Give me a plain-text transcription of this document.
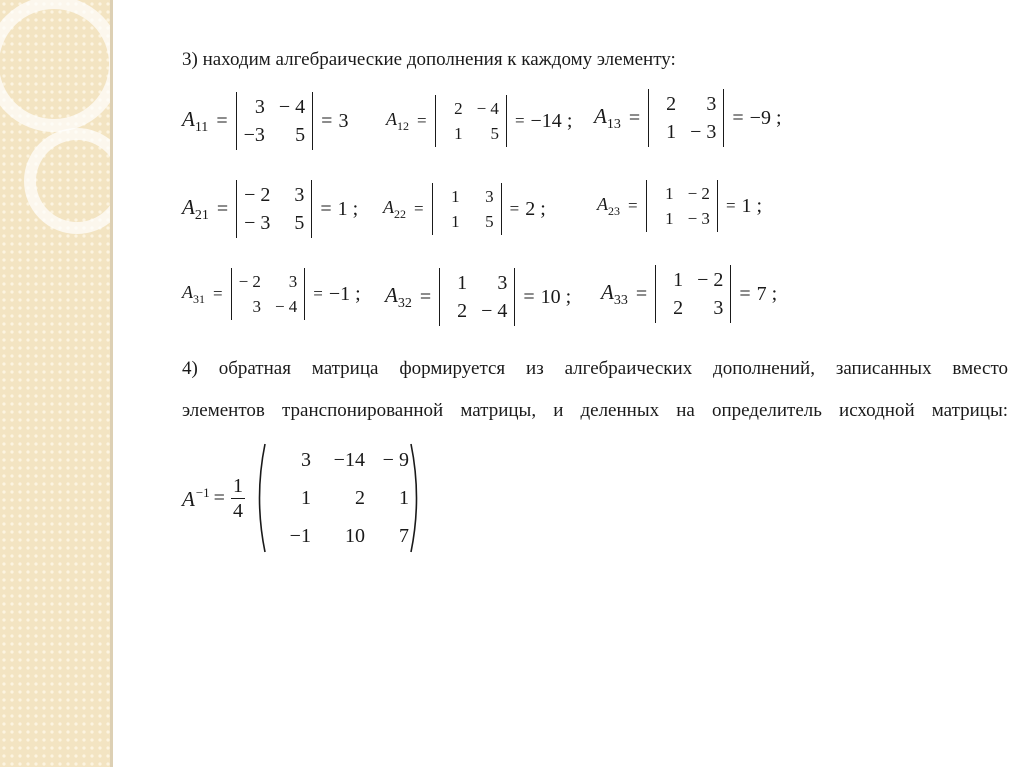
3) находим алгебраические дополнения к каждому элементу:
$A_{11}$ =
3 − 4
−3	5
= 3 $A_{12}$ =
2 − 4
1	5
= −14 ; $A_{13}$ =
2	3
1 − 3
= −9 ;
$A_{21}$ =
− 2	3
− 3	5
= 1 ; $A_{22}$ =
1	3
1	5
= 2 ;	$A_{23}$ =
1 − 2
1 − 3
= 1 ;
$A_{31}$ =
− 2	3
3 − 4
= −1 ; $A_{32}$ =
1	3
2 − 4
= 10 ; $A_{33}$ =
1 − 2
2	3
= 7 ;
4) обратная матрица формируется из алгебраических дополнений, записанных вместо
элементов транспонированной матрицы, и деленных на определитель исходной матрицы:
$A^{-1} = \frac{1}{4}$
3	−14 − 9
1	2	1
−1	10	7
